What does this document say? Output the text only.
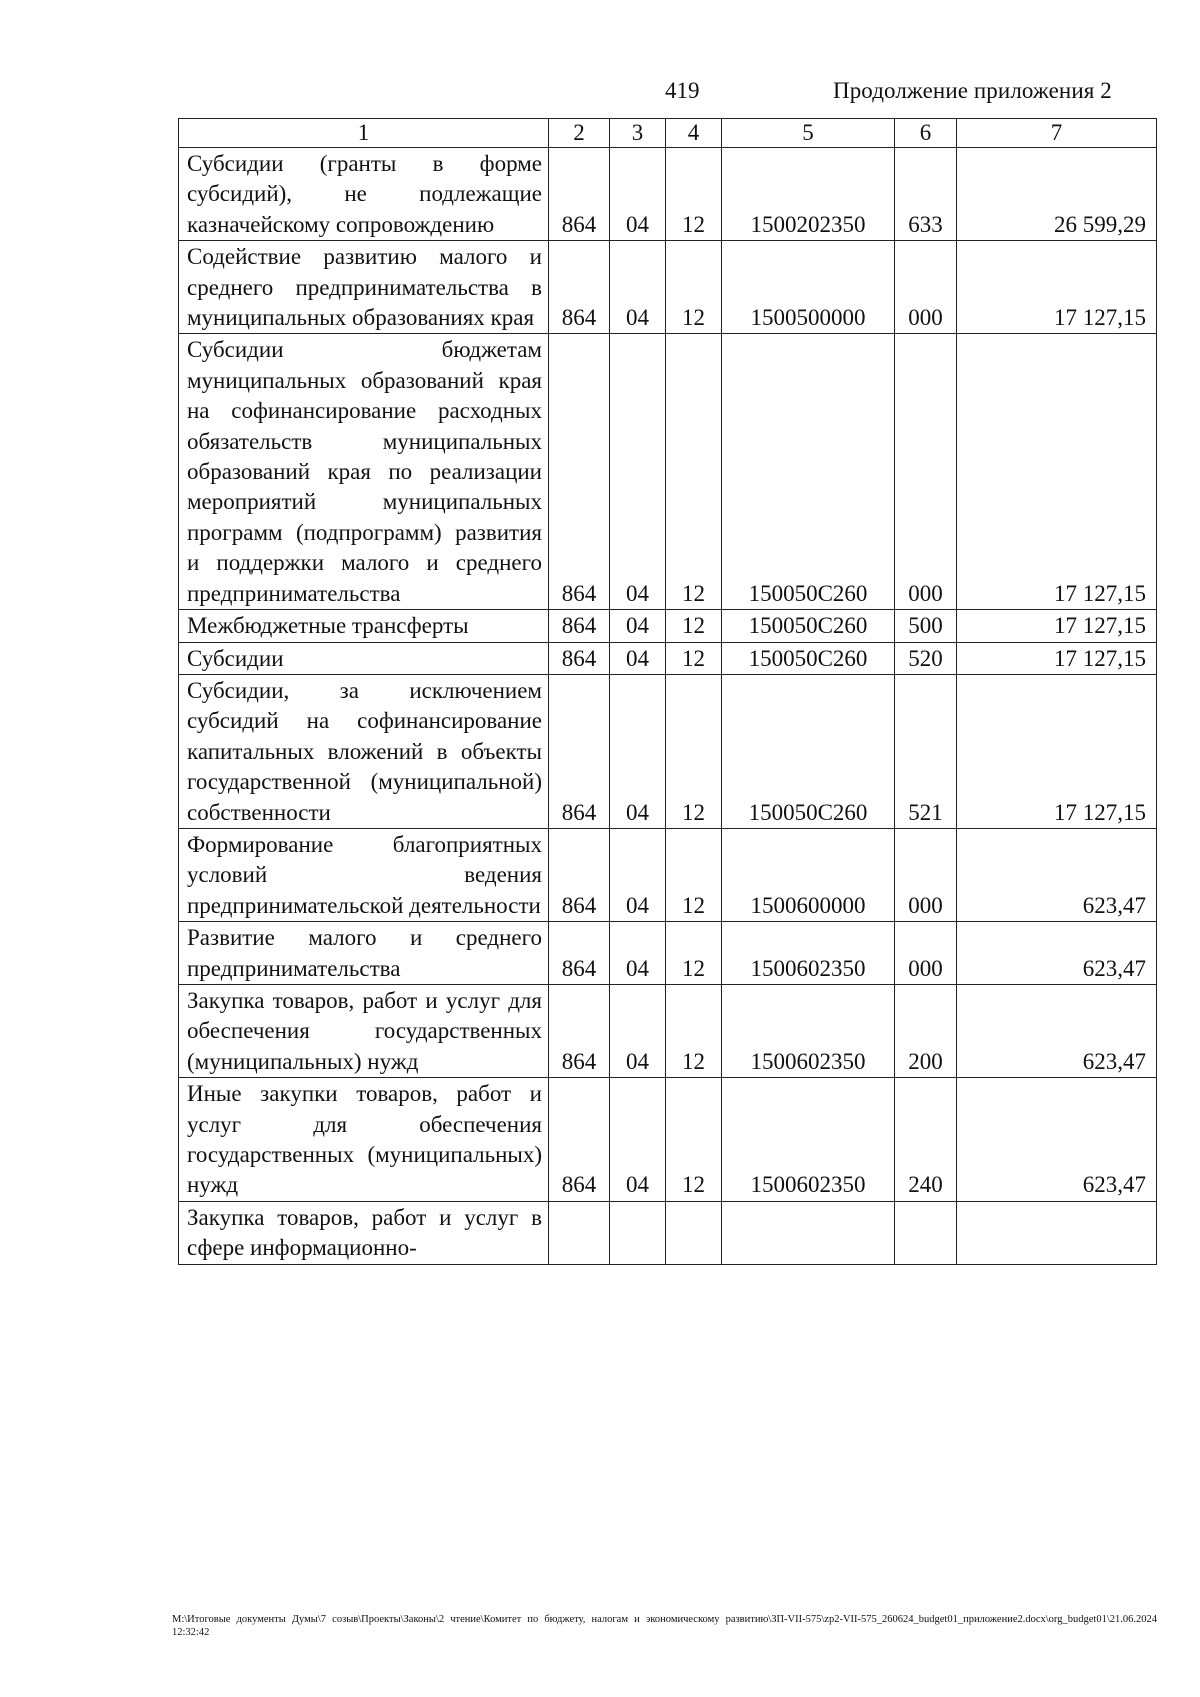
419	Продолжение приложения 2
1	2	3	4	5	6	7
Субсидии (гранты в форме субсидий), не подлежащие казначейскому сопровождению	864	04	12	1500202350	633	26 599,29
Содействие развитию малого и среднего предпринимательства в муниципальных образованиях края	864	04	12	1500500000	000	17 127,15
Субсидии бюджетам муниципальных образований края на софинансирование расходных обязательств муниципальных образований края по реализации мероприятий муниципальных программ (подпрограмм) развития и поддержки малого и среднего предпринимательства	864	04	12	150050С260	000	17 127,15
Межбюджетные трансферты	864	04	12	150050С260	500	17 127,15
Субсидии	864	04	12	150050С260	520	17 127,15
Субсидии, за исключением субсидий на софинансирование капитальных вложений в объекты государственной (муниципальной) собственности	864	04	12	150050С260	521	17 127,15
Формирование благоприятных условий ведения предпринимательской деятельности	864	04	12	1500600000	000	623,47
Развитие малого и среднего предпринимательства	864	04	12	1500602350	000	623,47
Закупка товаров, работ и услуг для обеспечения государственных (муниципальных) нужд	864	04	12	1500602350	200	623,47
Иные закупки товаров, работ и услуг для обеспечения государственных (муниципальных) нужд	864	04	12	1500602350	240	623,47
Закупка товаров, работ и услуг в сфере информационно-						
M:\Итоговые документы Думы\7 созыв\Проекты\Законы\2 чтение\Комитет по бюджету, налогам и экономическому развитию\ЗП-VII-575\zp2-VII-575_260624_budget01_приложение2.docx\org_budget01\21.06.2024 12:32:42
